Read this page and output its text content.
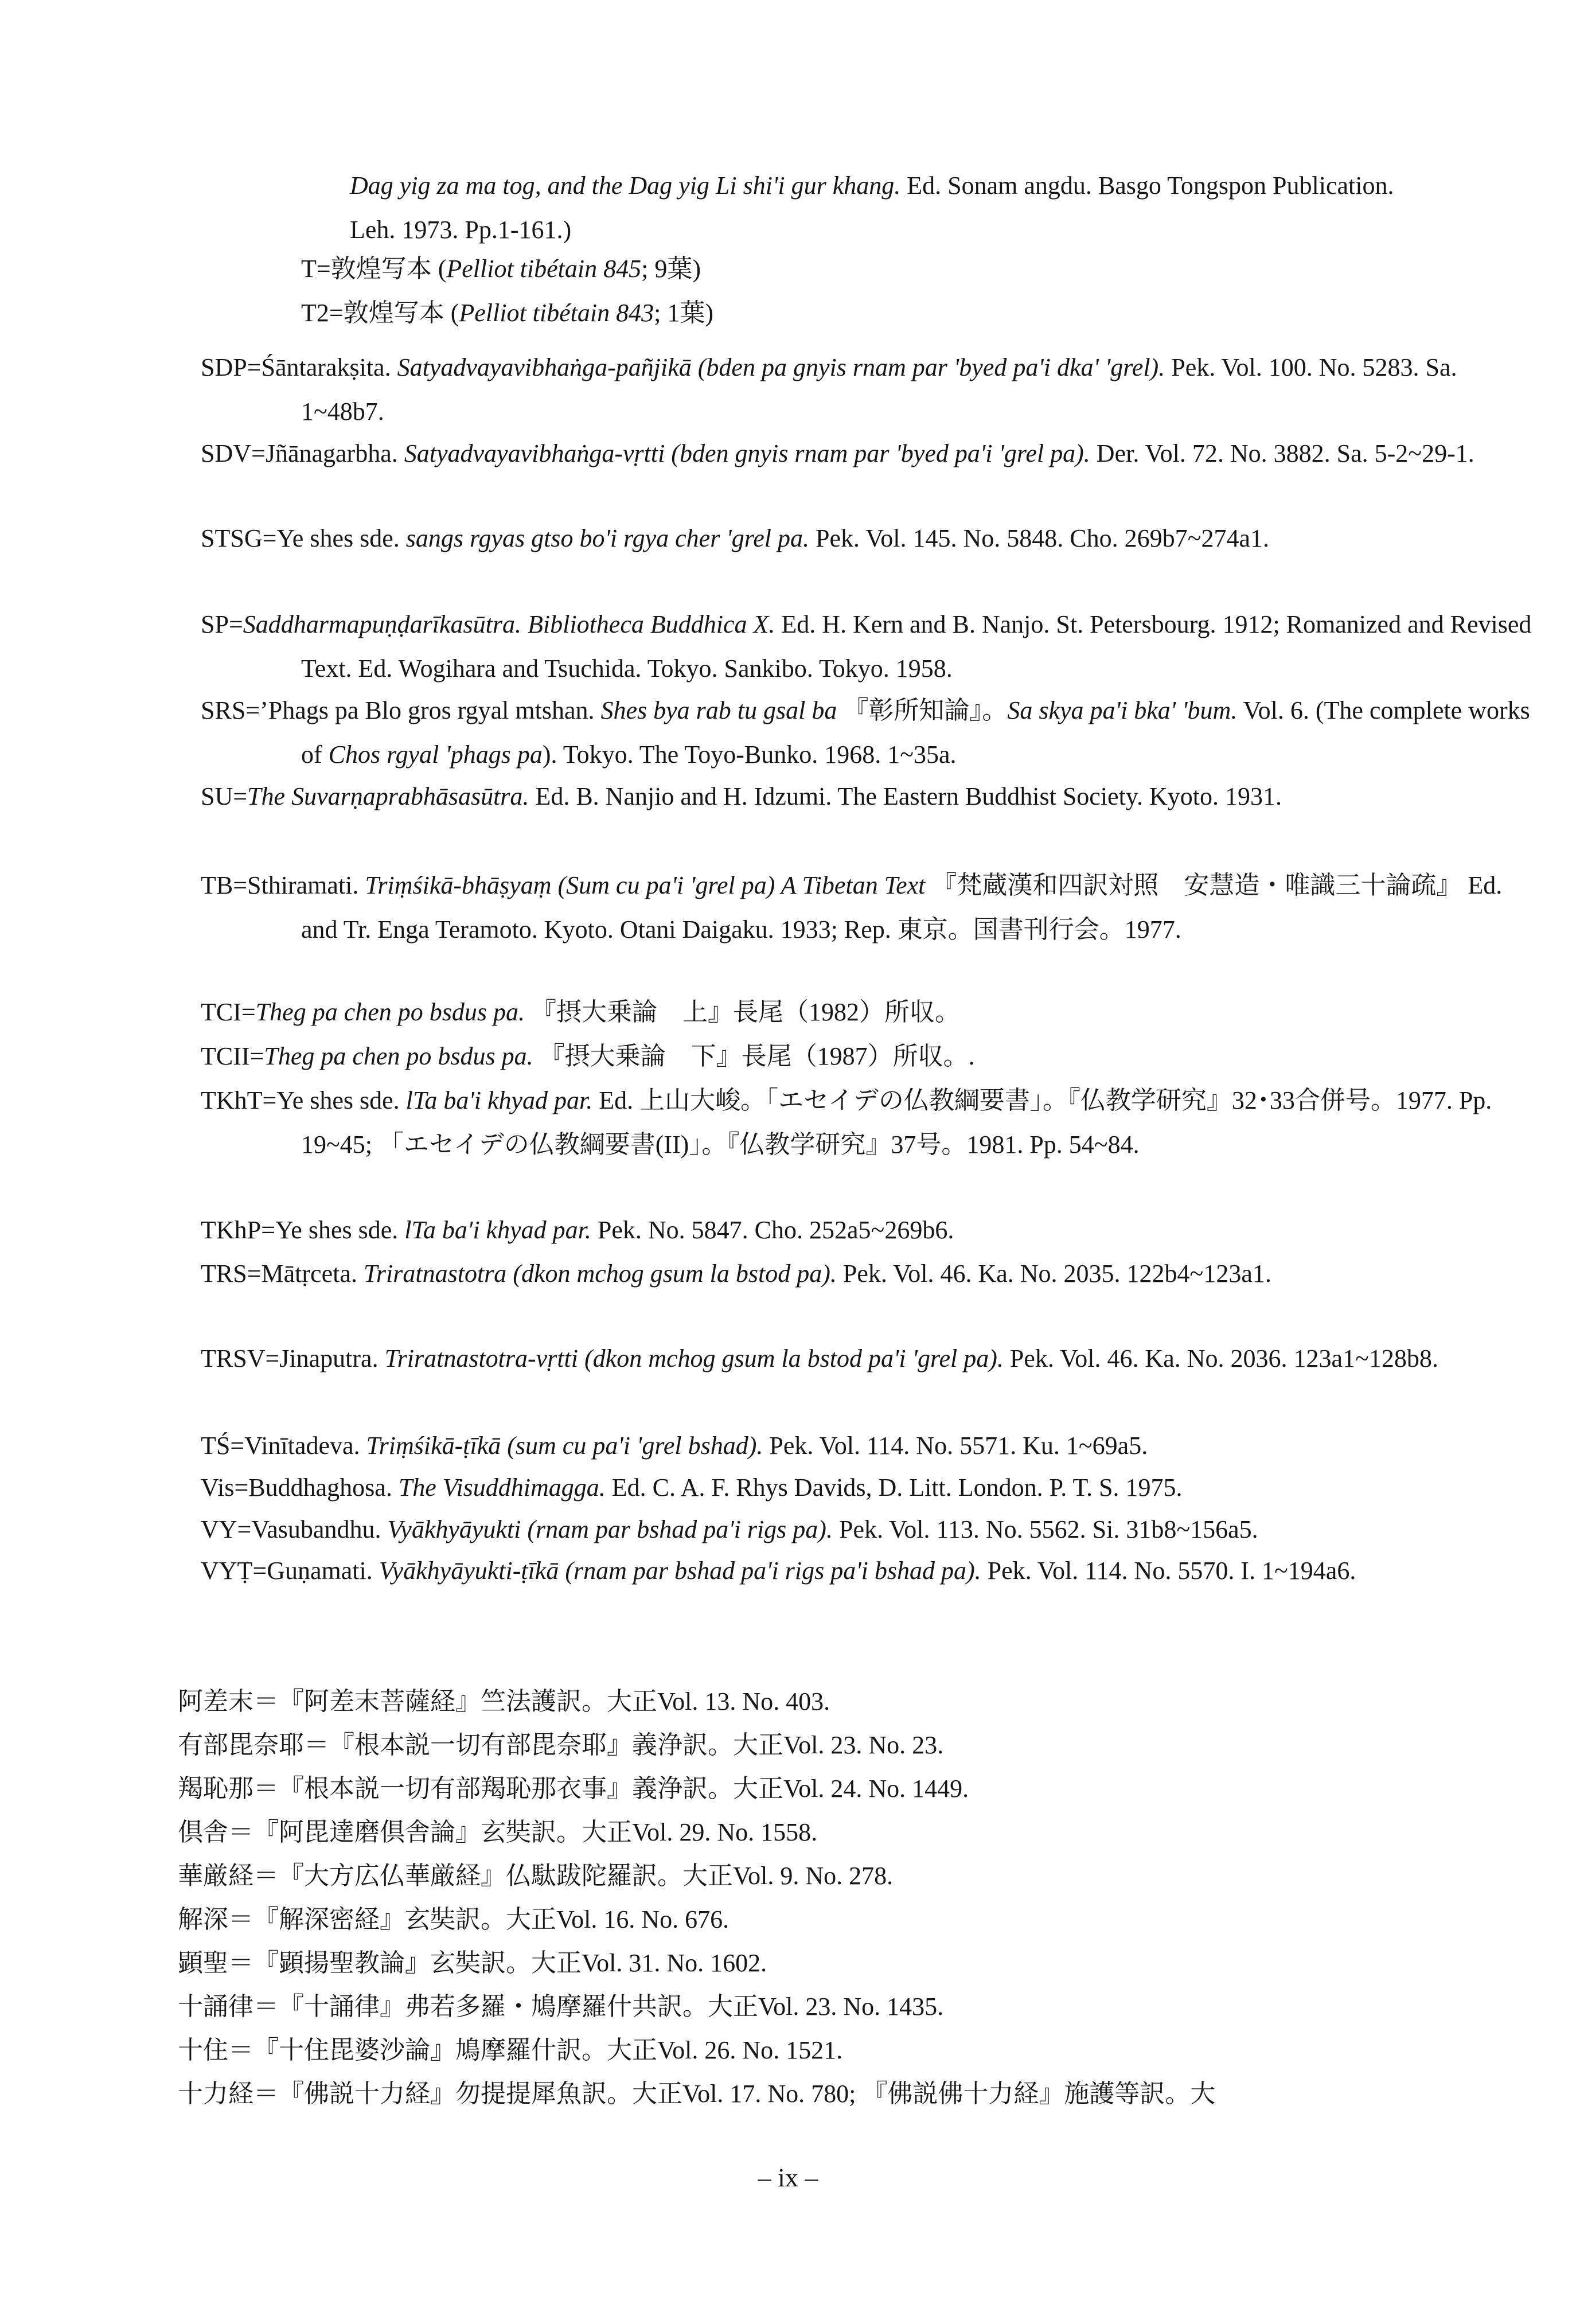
Dag yig za ma tog, and the Dag yig Li shi'i gur khang. Ed. Sonam angdu. Basgo Tongspon Publication. Leh. 1973. Pp.1-161.)
T=敦煌写本 (Pelliot tibétain 845; 9葉)
T2=敦煌写本 (Pelliot tibétain 843; 1葉)
SDP=Śāntarakṣita. Satyadvayavibhaṅga-pañjikā (bden pa gnyis rnam par 'byed pa'i dka' 'grel). Pek. Vol. 100. No. 5283. Sa. 1~48b7.
SDV=Jñānagarbha. Satyadvayavibhaṅga-vṛtti (bden gnyis rnam par 'byed pa'i 'grel pa). Der. Vol. 72. No. 3882. Sa. 5-2~29-1.
STSG=Ye shes sde. sangs rgyas gtso bo'i rgya cher 'grel pa. Pek. Vol. 145. No. 5848. Cho. 269b7~274a1.
SP=Saddharmapuṇḍarīkasūtra. Bibliotheca Buddhica X. Ed. H. Kern and B. Nanjo. St. Petersbourg. 1912; Romanized and Revised Text. Ed. Wogihara and Tsuchida. Tokyo. Sankibo. Tokyo. 1958.
SRS=’Phags pa Blo gros rgyal mtshan. Shes bya rab tu gsal ba 『彰所知論』。Sa skya pa'i bka' 'bum. Vol. 6. (The complete works of Chos rgyal 'phags pa). Tokyo. The Toyo-Bunko. 1968. 1~35a.
SU=The Suvarṇaprabhāsasūtra. Ed. B. Nanjio and H. Idzumi. The Eastern Buddhist Society. Kyoto. 1931.
TB=Sthiramati. Triṃśikā-bhāṣyaṃ (Sum cu pa'i 'grel pa) A Tibetan Text 『梵蔵漢和四訳対照　安慧造・唯識三十論疏』 Ed. and Tr. Enga Teramoto. Kyoto. Otani Daigaku. 1933; Rep. 東京。国書刊行会。1977.
TCI=Theg pa chen po bsdus pa. 『摂大乗論　上』長尾（1982）所収。
TCII=Theg pa chen po bsdus pa. 『摂大乗論　下』長尾（1987）所収。.
TKhT=Ye shes sde. lTa ba'i khyad par. Ed. 上山大峻。「エセイデの仏教綱要書」。『仏教学研究』32･33合併号。1977. Pp. 19~45; 「エセイデの仏教綱要書(II)」。『仏教学研究』37号。1981. Pp. 54~84.
TKhP=Ye shes sde. lTa ba'i khyad par. Pek. No. 5847. Cho. 252a5~269b6.
TRS=Mātṛceta. Triratnastotra (dkon mchog gsum la bstod pa). Pek. Vol. 46. Ka. No. 2035. 122b4~123a1.
TRSV=Jinaputra. Triratnastotra-vṛtti (dkon mchog gsum la bstod pa'i 'grel pa). Pek. Vol. 46. Ka. No. 2036. 123a1~128b8.
TŚ=Vinītadeva. Triṃśikā-ṭīkā (sum cu pa'i 'grel bshad). Pek. Vol. 114. No. 5571. Ku. 1~69a5.
Vis=Buddhaghosa. The Visuddhimagga. Ed. C. A. F. Rhys Davids, D. Litt. London. P. T. S. 1975.
VY=Vasubandhu. Vyākhyāyukti (rnam par bshad pa'i rigs pa). Pek. Vol. 113. No. 5562. Si. 31b8~156a5.
VYṬ=Guṇamati. Vyākhyāyukti-ṭīkā (rnam par bshad pa'i rigs pa'i bshad pa). Pek. Vol. 114. No. 5570. I. 1~194a6.
阿差末＝『阿差末菩薩経』竺法護訳。大正Vol. 13. No. 403.
有部毘奈耶＝『根本説一切有部毘奈耶』義浄訳。大正Vol. 23. No. 23.
羯恥那＝『根本説一切有部羯恥那衣事』義浄訳。大正Vol. 24. No. 1449.
倶舎＝『阿毘達磨倶舎論』玄奘訳。大正Vol. 29. No. 1558.
華厳経＝『大方広仏華厳経』仏駄跋陀羅訳。大正Vol. 9. No. 278.
解深＝『解深密経』玄奘訳。大正Vol. 16. No. 676.
顕聖＝『顕揚聖教論』玄奘訳。大正Vol. 31. No. 1602.
十誦律＝『十誦律』弗若多羅・鳩摩羅什共訳。大正Vol. 23. No. 1435.
十住＝『十住毘婆沙論』鳩摩羅什訳。大正Vol. 26. No. 1521.
十力経＝『佛説十力経』勿提提犀魚訳。大正Vol. 17. No. 780; 『佛説佛十力経』施護等訳。大
– ix –
